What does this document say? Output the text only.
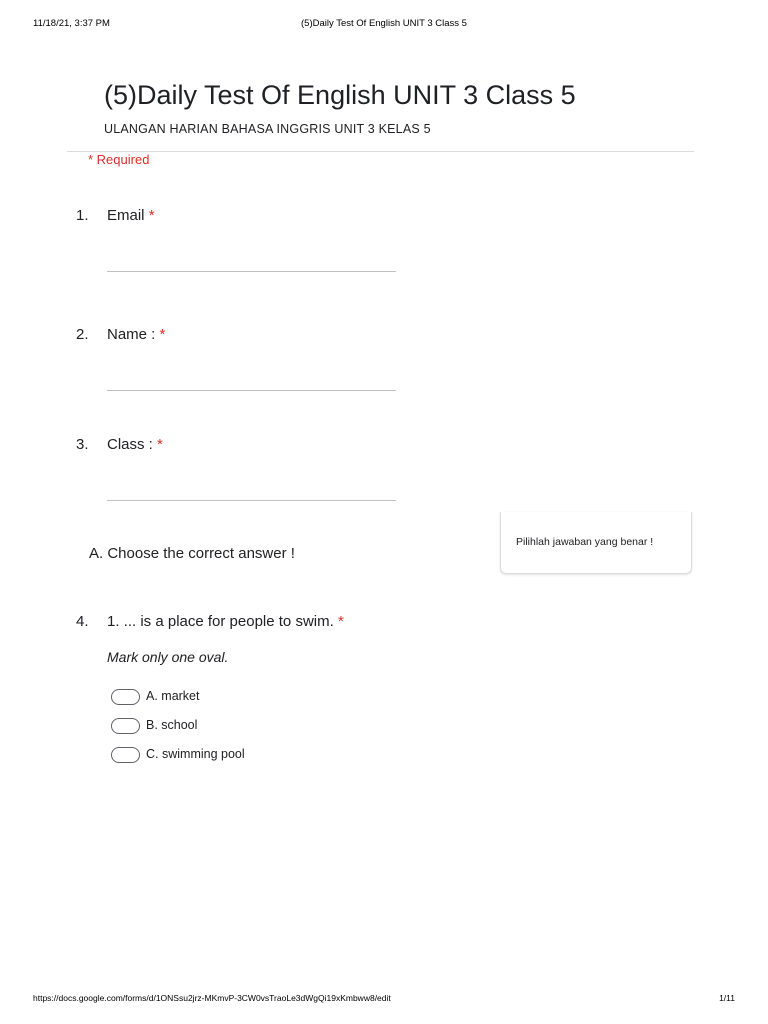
11/18/21, 3:37 PM	(5)Daily Test Of English UNIT 3 Class 5
(5)Daily Test Of English UNIT 3 Class 5
ULANGAN HARIAN BAHASA INGGRIS UNIT 3 KELAS 5
* Required
1. Email *
2. Name : *
3. Class : *
A. Choose the correct answer !
Pilihlah jawaban yang benar !
4. 1. ... is a place for people to swim. *
Mark only one oval.
A. market
B. school
C. swimming pool
https://docs.google.com/forms/d/1ONSsu2jrz-MKmvP-3CW0vsTraoLe3dWgQi19xKmbww8/edit	1/11
